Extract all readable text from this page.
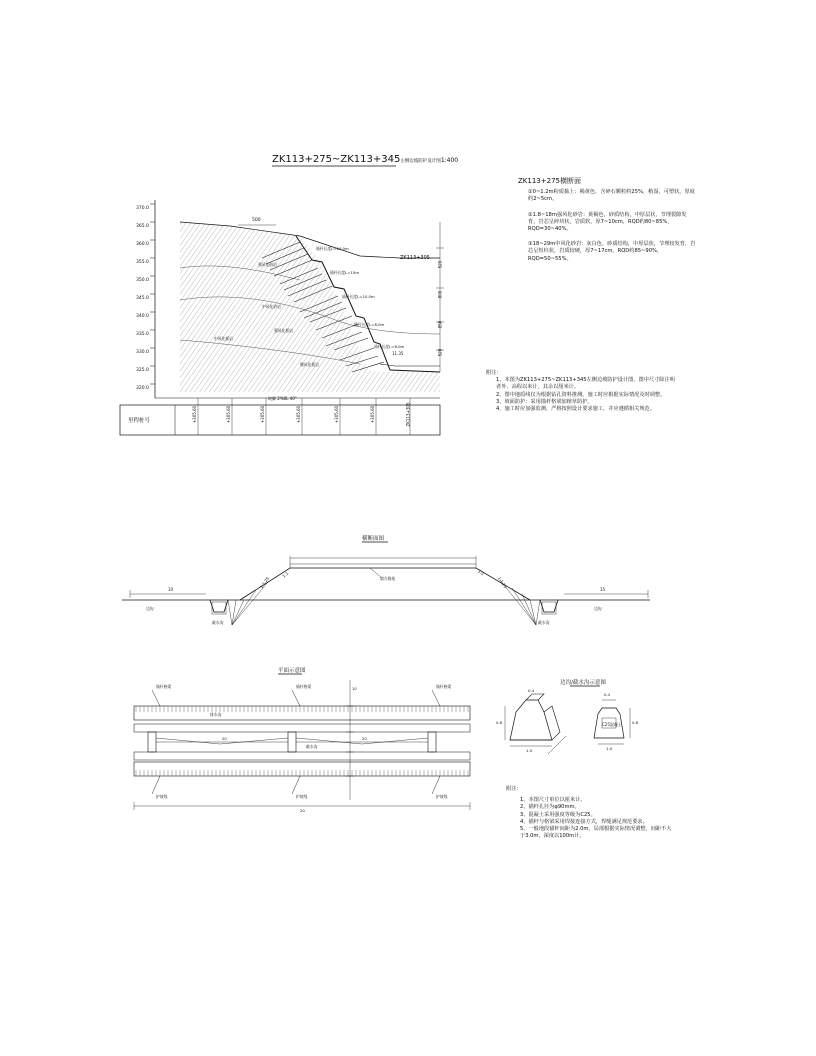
ZK113+275~ZK113+345左侧边坡防护设计图1:400
370.0
365.0
360.0
355.0
350.0
345.0
340.0
335.0
330.0
325.0
320.0
500
ZK113+305
锚杆长度L=10.0m
锚杆长度L=15m
锚杆长度L=10.0m
锚杆长度L=8.0m
锚杆长度L=6.0m
11.35
强风化砂岩
中风化砂岩
强风化板岩
中风化板岩
微风化板岩
坡脚 2%0L 40°
520
800
850
520
里程桩号	+305.60	+305.60	+305.60	+305.60	+305.60	+305.60	ZK113+305
ZK113+275横断面
①0~1.2m粉质黏土：褐黄色，含碎石颗粒约25%，稍湿，可塑状，厚度约2~5cm。
②1.8~18m强风化砂岩：黄褐色，砂质结构，中厚层状，节理裂隙发育，岩芯呈碎块状，岩质软，厚7~10cm，RQD约80~85%，RQD=30~40%。
③18~29m中风化砂岩：灰白色，砂质结构，中厚层状，节理较发育，岩芯呈短柱状，岩质较硬，厚7~17cm，RQD约85~90%，RQD=50~55%。
附注：
1、本图为ZK113+275~ZK113+345左侧边坡防护设计图，图中尺寸除注明者外，高程以米计，其余以厘米计。
2、图中地质线仅为根据钻孔资料推测，施工时应根据实际情况及时调整。
3、坡面防护：采用锚杆格梁加植草防护。
4、施工时应加强监测，严格按照设计要求施工，并应遵循相关规范。
横断面图
10
1:1
1:1.25	1:1.25
1:1
15
边沟
截水沟
填方路基
截水沟
边沟
平面示意图
锚杆格梁	锚杆格梁	锚杆格梁
排水沟
截水沟
护坡线	护坡线	护坡线
10
20	20
20
边沟/截水沟示意图
0.4
0.6
1.0
C25混凝土
0.4
0.6
1.0
附注：
1、本图尺寸单位以厘米计。
2、锚杆孔径为φ90mm。
3、混凝土采用强度等级为C25。
4、锚杆与格梁采用焊接连接方式，焊缝满足规范要求。
5、一般地段锚杆间距为2.0m，局部根据实际情况调整，间距不大于3.0m，深度以100m计。
